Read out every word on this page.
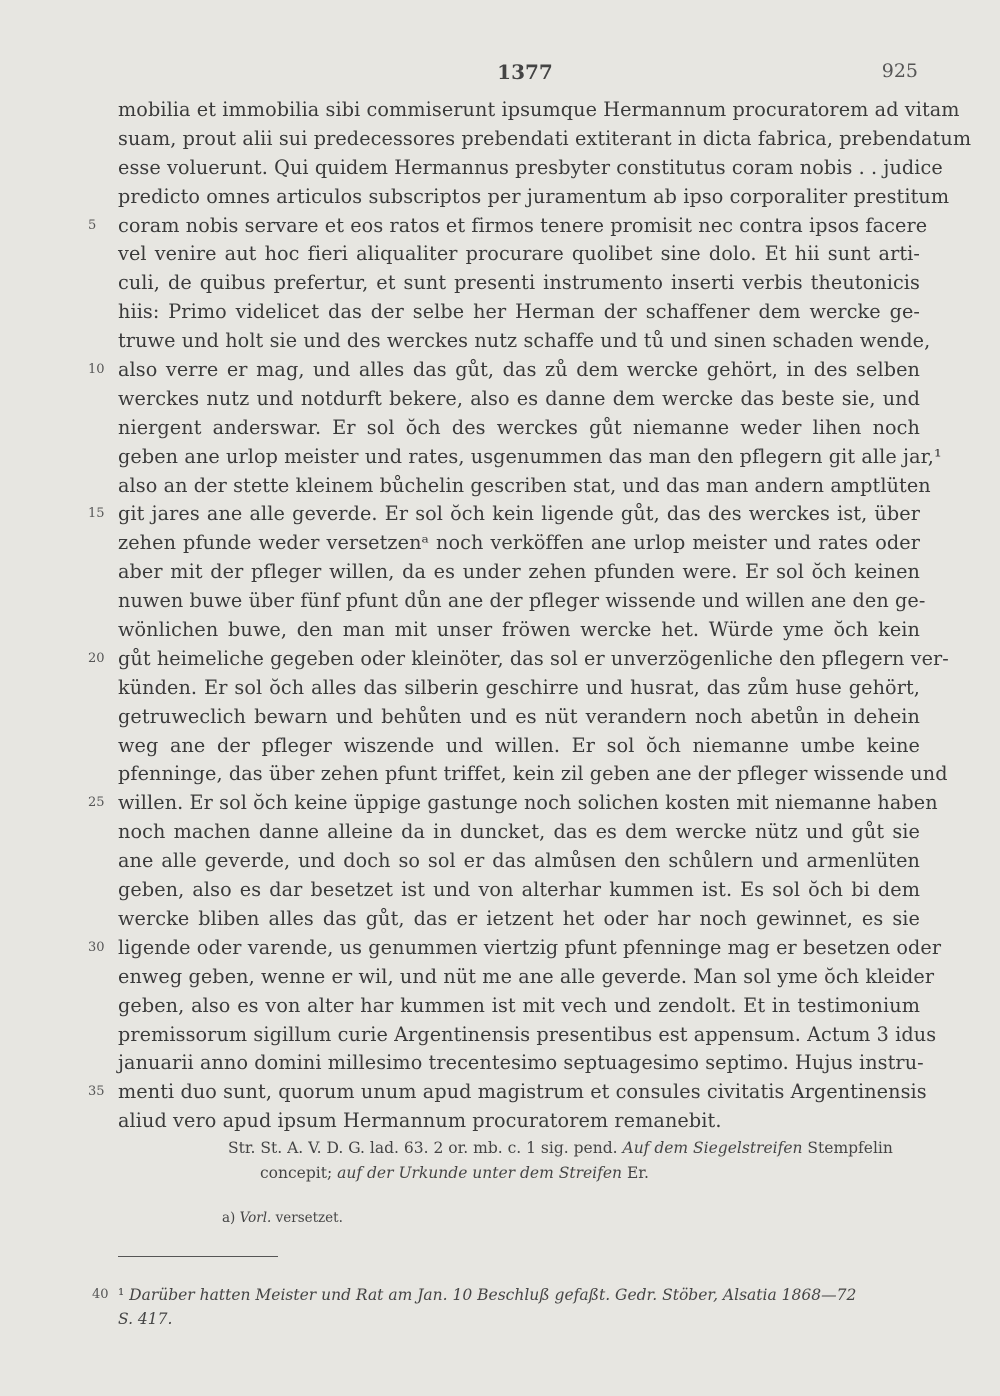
1377	925
mobilia et immobilia sibi commiserunt ipsumque Hermannum procuratorem ad vitam
suam, prout alii sui predecessores prebendati extiterant in dicta fabrica, prebendatum
esse voluerunt. Qui quidem Hermannus presbyter constitutus coram nobis . . judice
predicto omnes articulos subscriptos per juramentum ab ipso corporaliter prestitum
5	coram nobis servare et eos ratos et firmos tenere promisit nec contra ipsos facere
vel venire aut hoc fieri aliqualiter procurare quolibet sine dolo. Et hii sunt arti-
culi, de quibus prefertur, et sunt presenti instrumento inserti verbis theutonicis
hiis: Primo videlicet das der selbe her Herman der schaffener dem wercke ge-
truwe und holt sie und des werckes nutz schaffe und tů und sinen schaden wende,
10 also verre er mag, und alles das gůt, das zů dem wercke gehört, in des selben
werckes nutz und notdurft bekere, also es danne dem wercke das beste sie, und
niergent anderswar. Er sol ŏch des werckes gůt niemanne weder lihen noch
geben ane urlop meister und rates, usgenummen das man den pflegern git alle jar,¹
also an der stette kleinem bůchelin gescriben stat, und das man andern amptlüten
15 git jares ane alle geverde. Er sol ŏch kein ligende gůt, das des werckes ist, über
zehen pfunde weder versetzenᵃ noch verköffen ane urlop meister und rates oder
aber mit der pfleger willen, da es under zehen pfunden were. Er sol ŏch keinen
nuwen buwe über fünf pfunt důn ane der pfleger wissende und willen ane den ge-
wönlichen buwe, den man mit unser fröwen wercke het. Würde yme ŏch kein
20 gůt heimeliche gegeben oder kleinöter, das sol er unverzögenliche den pflegern ver-
künden. Er sol ŏch alles das silberin geschirre und husrat, das zům huse gehört,
getruweclich bewarn und behůten und es nüt verandern noch abetůn in dehein
weg ane der pfleger wiszende und willen. Er sol ŏch niemanne umbe keine
pfenninge, das über zehen pfunt triffet, kein zil geben ane der pfleger wissende und
25 willen. Er sol ŏch keine üppige gastunge noch solichen kosten mit niemanne haben
noch machen danne alleine da in duncket, das es dem wercke nütz und gůt sie
ane alle geverde, und doch so sol er das almůsen den schůlern und armenlüten
geben, also es dar besetzet ist und von alterhar kummen ist. Es sol ŏch bi dem
wercke bliben alles das gůt, das er ietzent het oder har noch gewinnet, es sie
30 ligende oder varende, us genummen viertzig pfunt pfenninge mag er besetzen oder
enweg geben, wenne er wil, und nüt me ane alle geverde. Man sol yme ŏch kleider
geben, also es von alter har kummen ist mit vech und zendolt. Et in testimonium
premissorum sigillum curie Argentinensis presentibus est appensum. Actum 3 idus
januarii anno domini millesimo trecentesimo septuagesimo septimo. Hujus instru-
35 menti duo sunt, quorum unum apud magistrum et consules civitatis Argentinensis
aliud vero apud ipsum Hermannum procuratorem remanebit.
Str. St. A. V. D. G. lad. 63. 2 or. mb. c. 1 sig. pend. Auf dem Siegelstreifen Stempfelin
concepit; auf der Urkunde unter dem Streifen Er.
a) Vorl. versetzet.
40 ¹ Darüber hatten Meister und Rat am Jan. 10 Beschluß gefaßt. Gedr. Stöber, Alsatia 1868—72
S. 417.
